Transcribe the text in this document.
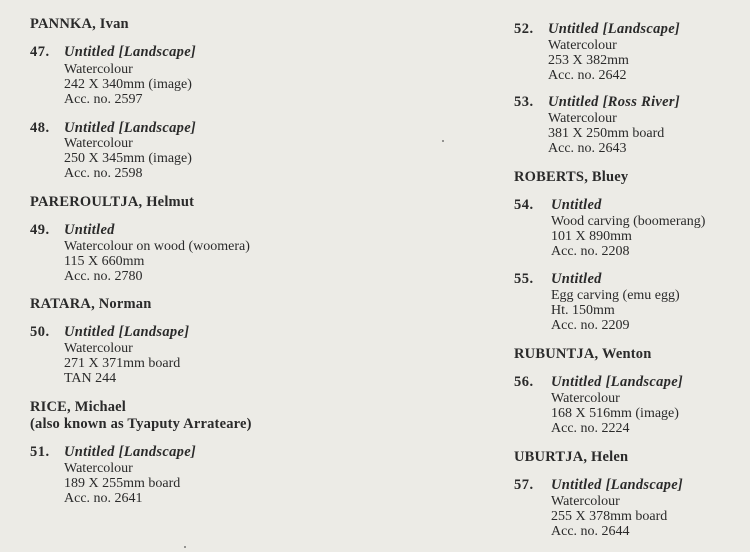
PANNKA, Ivan
47. Untitled [Landscape]
Watercolour
242 X 340mm (image)
Acc. no. 2597
48. Untitled [Landscape]
Watercolour
250 X 345mm (image)
Acc. no. 2598
PAREROULTJA, Helmut
49. Untitled
Watercolour on wood (woomera)
115 X 660mm
Acc. no. 2780
RATARA, Norman
50. Untitled [Landsape]
Watercolour
271 X 371mm board
TAN 244
RICE, Michael
(also known as Tyaputy Arrateare)
51. Untitled [Landscape]
Watercolour
189 X 255mm board
Acc. no. 2641
52. Untitled [Landscape]
Watercolour
253 X 382mm
Acc. no. 2642
53. Untitled [Ross River]
Watercolour
381 X 250mm board
Acc. no. 2643
ROBERTS, Bluey
54. Untitled
Wood carving (boomerang)
101 X 890mm
Acc. no. 2208
55. Untitled
Egg carving (emu egg)
Ht. 150mm
Acc. no. 2209
RUBUNTJA, Wenton
56. Untitled [Landscape]
Watercolour
168 X 516mm (image)
Acc. no. 2224
UBURTJA, Helen
57. Untitled [Landscape]
Watercolour
255 X 378mm board
Acc. no. 2644
